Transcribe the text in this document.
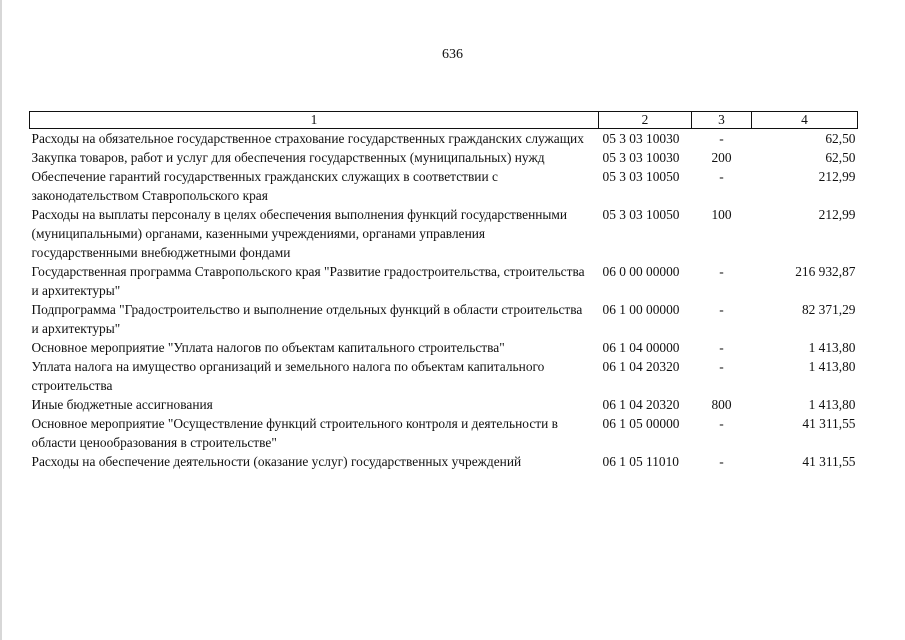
636
1	2	3	4
Расходы на обязательное государственное страхование государственных гражданских служащих	05 3 03 10030	-	62,50
Закупка товаров, работ и услуг для обеспечения государственных (муниципальных) нужд	05 3 03 10030	200	62,50
Обеспечение гарантий государственных гражданских служащих в соответствии с законодательством Ставропольского края	05 3 03 10050	-	212,99
Расходы на выплаты персоналу в целях обеспечения выполнения функций государственными (муниципальными) органами, казенными учреждениями, органами управления государственными внебюджетными фондами	05 3 03 10050	100	212,99
Государственная программа Ставропольского края "Развитие градостроительства, строительства и архитектуры"	06 0 00 00000	-	216 932,87
Подпрограмма "Градостроительство и выполнение отдельных функций в области строительства и архитектуры"	06 1 00 00000	-	82 371,29
Основное мероприятие "Уплата налогов по объектам капитального строительства"	06 1 04 00000	-	1 413,80
Уплата налога на имущество организаций и земельного налога по объектам капитального строительства	06 1 04 20320	-	1 413,80
Иные бюджетные ассигнования	06 1 04 20320	800	1 413,80
Основное мероприятие "Осуществление функций строительного контроля и деятельности в области ценообразования в строительстве"	06 1 05 00000	-	41 311,55
Расходы на обеспечение деятельности (оказание услуг) государственных учреждений	06 1 05 11010	-	41 311,55
